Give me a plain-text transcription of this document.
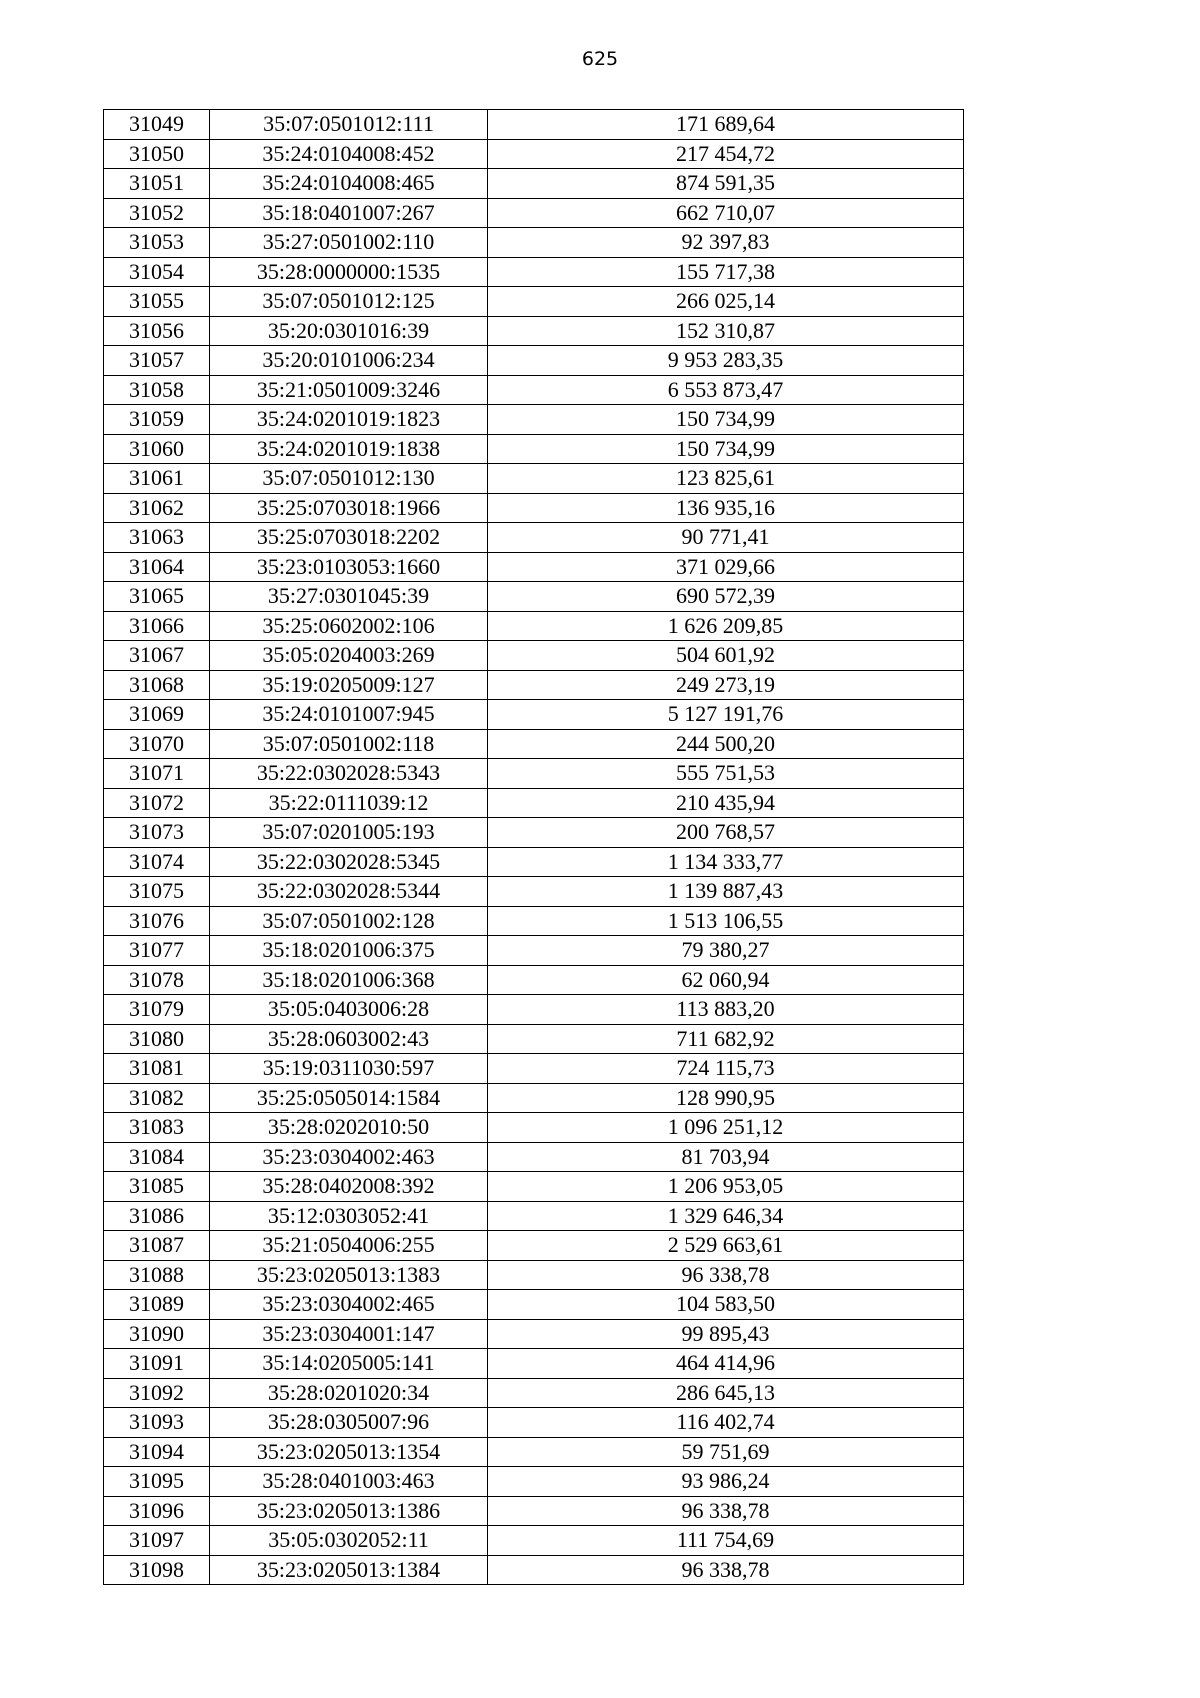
625
31049	35:07:0501012:111	171 689,64
31050	35:24:0104008:452	217 454,72
31051	35:24:0104008:465	874 591,35
31052	35:18:0401007:267	662 710,07
31053	35:27:0501002:110	92 397,83
31054	35:28:0000000:1535	155 717,38
31055	35:07:0501012:125	266 025,14
31056	35:20:0301016:39	152 310,87
31057	35:20:0101006:234	9 953 283,35
31058	35:21:0501009:3246	6 553 873,47
31059	35:24:0201019:1823	150 734,99
31060	35:24:0201019:1838	150 734,99
31061	35:07:0501012:130	123 825,61
31062	35:25:0703018:1966	136 935,16
31063	35:25:0703018:2202	90 771,41
31064	35:23:0103053:1660	371 029,66
31065	35:27:0301045:39	690 572,39
31066	35:25:0602002:106	1 626 209,85
31067	35:05:0204003:269	504 601,92
31068	35:19:0205009:127	249 273,19
31069	35:24:0101007:945	5 127 191,76
31070	35:07:0501002:118	244 500,20
31071	35:22:0302028:5343	555 751,53
31072	35:22:0111039:12	210 435,94
31073	35:07:0201005:193	200 768,57
31074	35:22:0302028:5345	1 134 333,77
31075	35:22:0302028:5344	1 139 887,43
31076	35:07:0501002:128	1 513 106,55
31077	35:18:0201006:375	79 380,27
31078	35:18:0201006:368	62 060,94
31079	35:05:0403006:28	113 883,20
31080	35:28:0603002:43	711 682,92
31081	35:19:0311030:597	724 115,73
31082	35:25:0505014:1584	128 990,95
31083	35:28:0202010:50	1 096 251,12
31084	35:23:0304002:463	81 703,94
31085	35:28:0402008:392	1 206 953,05
31086	35:12:0303052:41	1 329 646,34
31087	35:21:0504006:255	2 529 663,61
31088	35:23:0205013:1383	96 338,78
31089	35:23:0304002:465	104 583,50
31090	35:23:0304001:147	99 895,43
31091	35:14:0205005:141	464 414,96
31092	35:28:0201020:34	286 645,13
31093	35:28:0305007:96	116 402,74
31094	35:23:0205013:1354	59 751,69
31095	35:28:0401003:463	93 986,24
31096	35:23:0205013:1386	96 338,78
31097	35:05:0302052:11	111 754,69
31098	35:23:0205013:1384	96 338,78
